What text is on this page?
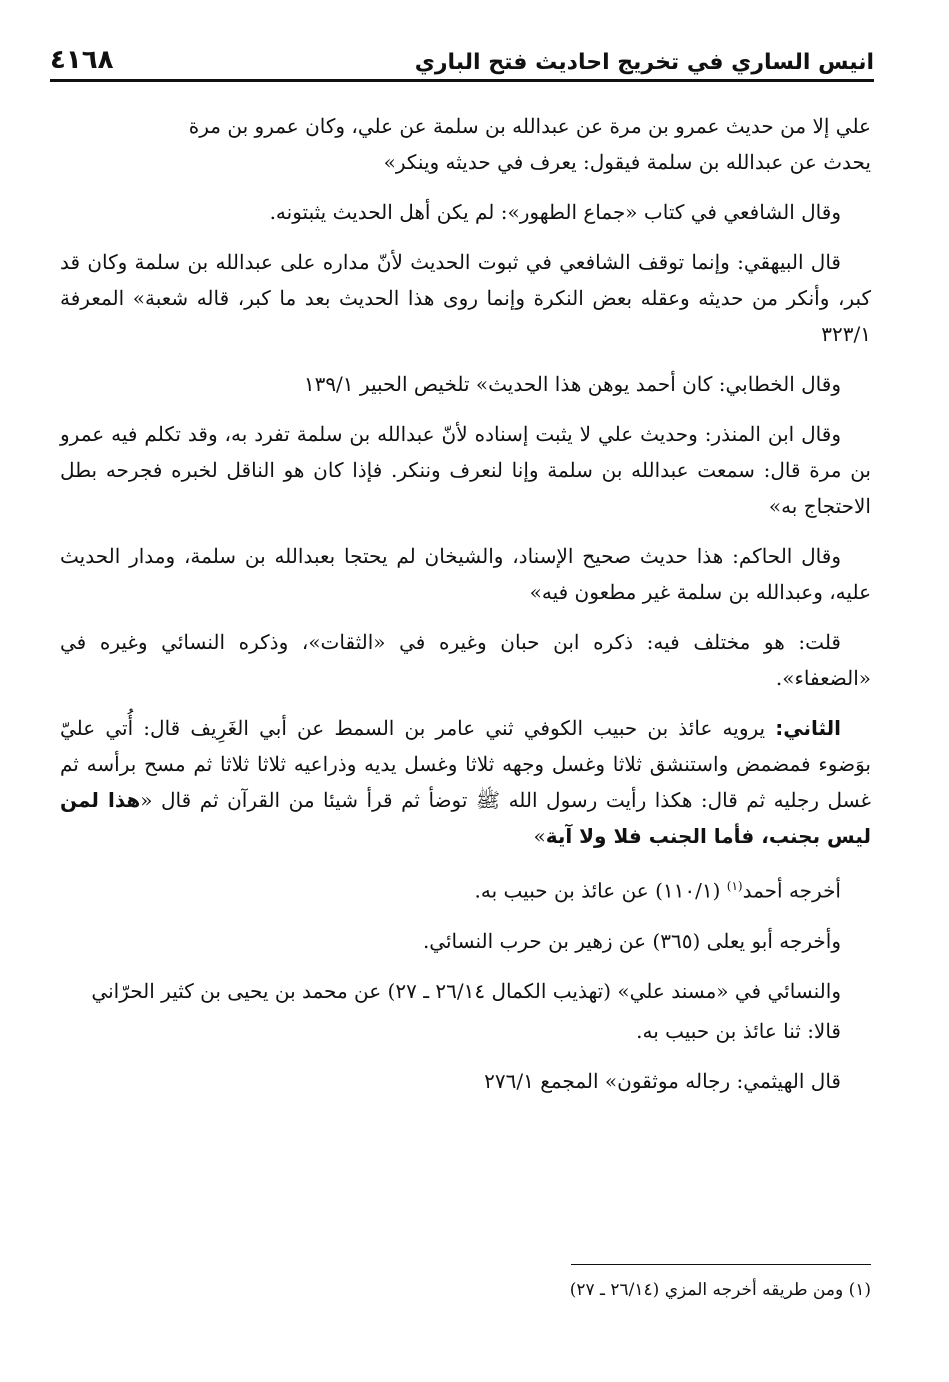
انيس الساري في تخريج احاديث فتح الباري
٤١٦٨

علي إلا من حديث عمرو بن مرة عن عبدالله بن سلمة عن علي، وكان عمرو بن مرة
يحدث عن عبدالله بن سلمة فيقول: يعرف في حديثه وينكر»

وقال الشافعي في كتاب «جماع الطهور»: لم يكن أهل الحديث يثبتونه.

قال البيهقي: وإنما توقف الشافعي في ثبوت الحديث لأنّ مداره على عبدالله بن سلمة وكان قد كبر، وأنكر من حديثه وعقله بعض النكرة وإنما روى هذا الحديث بعد ما كبر، قاله شعبة» المعرفة ٣٢٣/١

وقال الخطابي: كان أحمد يوهن هذا الحديث» تلخيص الحبير ١٣٩/١

وقال ابن المنذر: وحديث علي لا يثبت إسناده لأنّ عبدالله بن سلمة تفرد به، وقد تكلم فيه عمرو بن مرة قال: سمعت عبدالله بن سلمة وإنا لنعرف وننكر. فإذا كان هو الناقل لخبره فجرحه بطل الاحتجاج به»

وقال الحاكم: هذا حديث صحيح الإسناد، والشيخان لم يحتجا بعبدالله بن سلمة، ومدار الحديث عليه، وعبدالله بن سلمة غير مطعون فيه»

قلت: هو مختلف فيه: ذكره ابن حبان وغيره في «الثقات»، وذكره النسائي وغيره في «الضعفاء».

الثاني: يرويه عائذ بن حبيب الكوفي ثني عامر بن السمط عن أبي الغَرِيف قال: أُتي عليّ بوَضوء فمضمض واستنشق ثلاثا وغسل وجهه ثلاثا وغسل يديه وذراعيه ثلاثا ثلاثا ثم مسح برأسه ثم غسل رجليه ثم قال: هكذا رأيت رسول الله ﷺ توضأ ثم قرأ شيئا من القرآن ثم قال «هذا لمن ليس بجنب، فأما الجنب فلا ولا آية»

أخرجه أحمد$^{(١)}$ (١١٠/١) عن عائذ بن حبيب به.

وأخرجه أبو يعلى (٣٦٥) عن زهير بن حرب النسائي.

والنسائي في «مسند علي» (تهذيب الكمال ٢٦/١٤ ـ ٢٧) عن محمد بن يحيى بن كثير الحرّاني

قالا: ثنا عائذ بن حبيب به.

قال الهيثمي: رجاله موثقون» المجمع ٢٧٦/١

(١) ومن طريقه أخرجه المزي (٢٦/١٤ ـ ٢٧)
